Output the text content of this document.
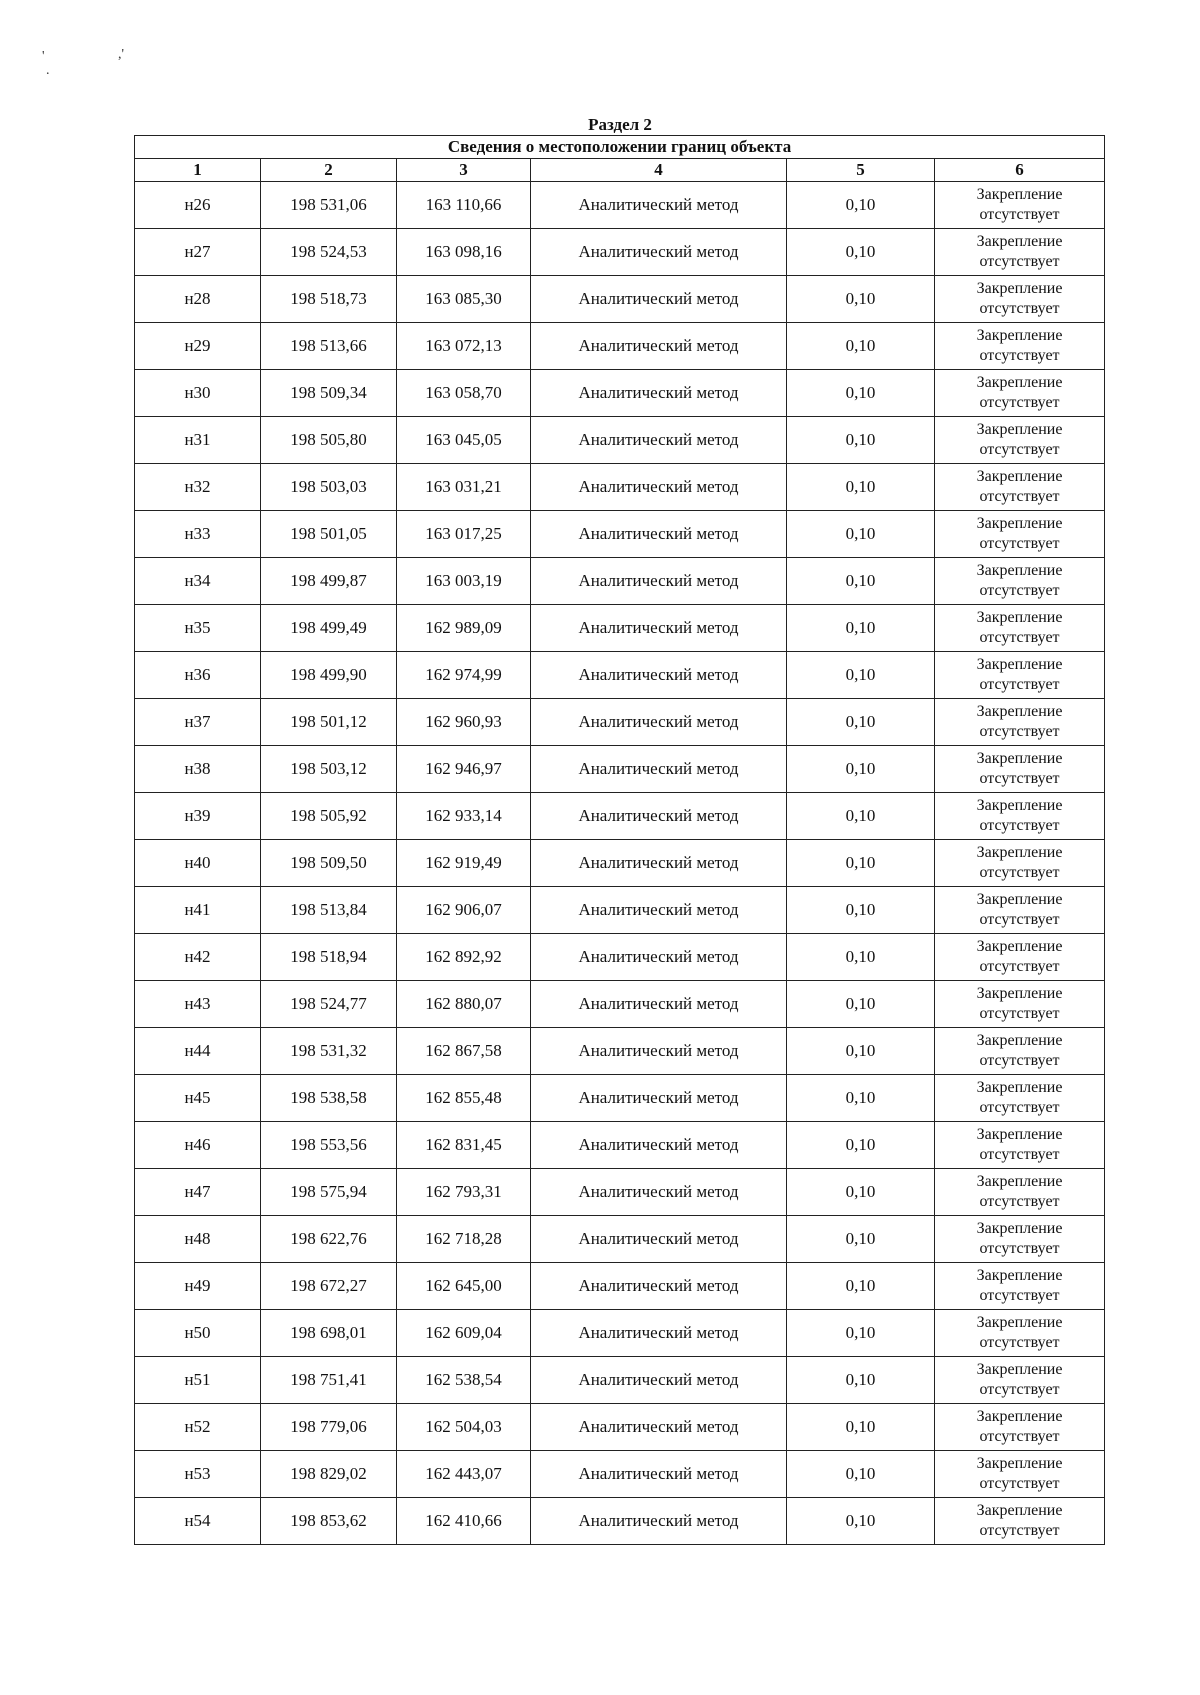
'
.
,'
Раздел 2
Сведения о местоположении границ объекта					
1	2	3	4	5	6
н26	198 531,06	163 110,66	Аналитический метод	0,10	Закрепление
отсутствует

н27	198 524,53	163 098,16	Аналитический метод	0,10	Закрепление
отсутствует

н28	198 518,73	163 085,30	Аналитический метод	0,10	Закрепление
отсутствует

н29	198 513,66	163 072,13	Аналитический метод	0,10	Закрепление
отсутствует

н30	198 509,34	163 058,70	Аналитический метод	0,10	Закрепление
отсутствует

н31	198 505,80	163 045,05	Аналитический метод	0,10	Закрепление
отсутствует

н32	198 503,03	163 031,21	Аналитический метод	0,10	Закрепление
отсутствует

н33	198 501,05	163 017,25	Аналитический метод	0,10	Закрепление
отсутствует

н34	198 499,87	163 003,19	Аналитический метод	0,10	Закрепление
отсутствует

н35	198 499,49	162 989,09	Аналитический метод	0,10	Закрепление
отсутствует

н36	198 499,90	162 974,99	Аналитический метод	0,10	Закрепление
отсутствует

н37	198 501,12	162 960,93	Аналитический метод	0,10	Закрепление
отсутствует

н38	198 503,12	162 946,97	Аналитический метод	0,10	Закрепление
отсутствует

н39	198 505,92	162 933,14	Аналитический метод	0,10	Закрепление
отсутствует

н40	198 509,50	162 919,49	Аналитический метод	0,10	Закрепление
отсутствует

н41	198 513,84	162 906,07	Аналитический метод	0,10	Закрепление
отсутствует

н42	198 518,94	162 892,92	Аналитический метод	0,10	Закрепление
отсутствует

н43	198 524,77	162 880,07	Аналитический метод	0,10	Закрепление
отсутствует

н44	198 531,32	162 867,58	Аналитический метод	0,10	Закрепление
отсутствует

н45	198 538,58	162 855,48	Аналитический метод	0,10	Закрепление
отсутствует

н46	198 553,56	162 831,45	Аналитический метод	0,10	Закрепление
отсутствует

н47	198 575,94	162 793,31	Аналитический метод	0,10	Закрепление
отсутствует

н48	198 622,76	162 718,28	Аналитический метод	0,10	Закрепление
отсутствует

н49	198 672,27	162 645,00	Аналитический метод	0,10	Закрепление
отсутствует

н50	198 698,01	162 609,04	Аналитический метод	0,10	Закрепление
отсутствует

н51	198 751,41	162 538,54	Аналитический метод	0,10	Закрепление
отсутствует

н52	198 779,06	162 504,03	Аналитический метод	0,10	Закрепление
отсутствует

н53	198 829,02	162 443,07	Аналитический метод	0,10	Закрепление
отсутствует

н54	198 853,62	162 410,66	Аналитический метод	0,10	Закрепление
отсутствует
